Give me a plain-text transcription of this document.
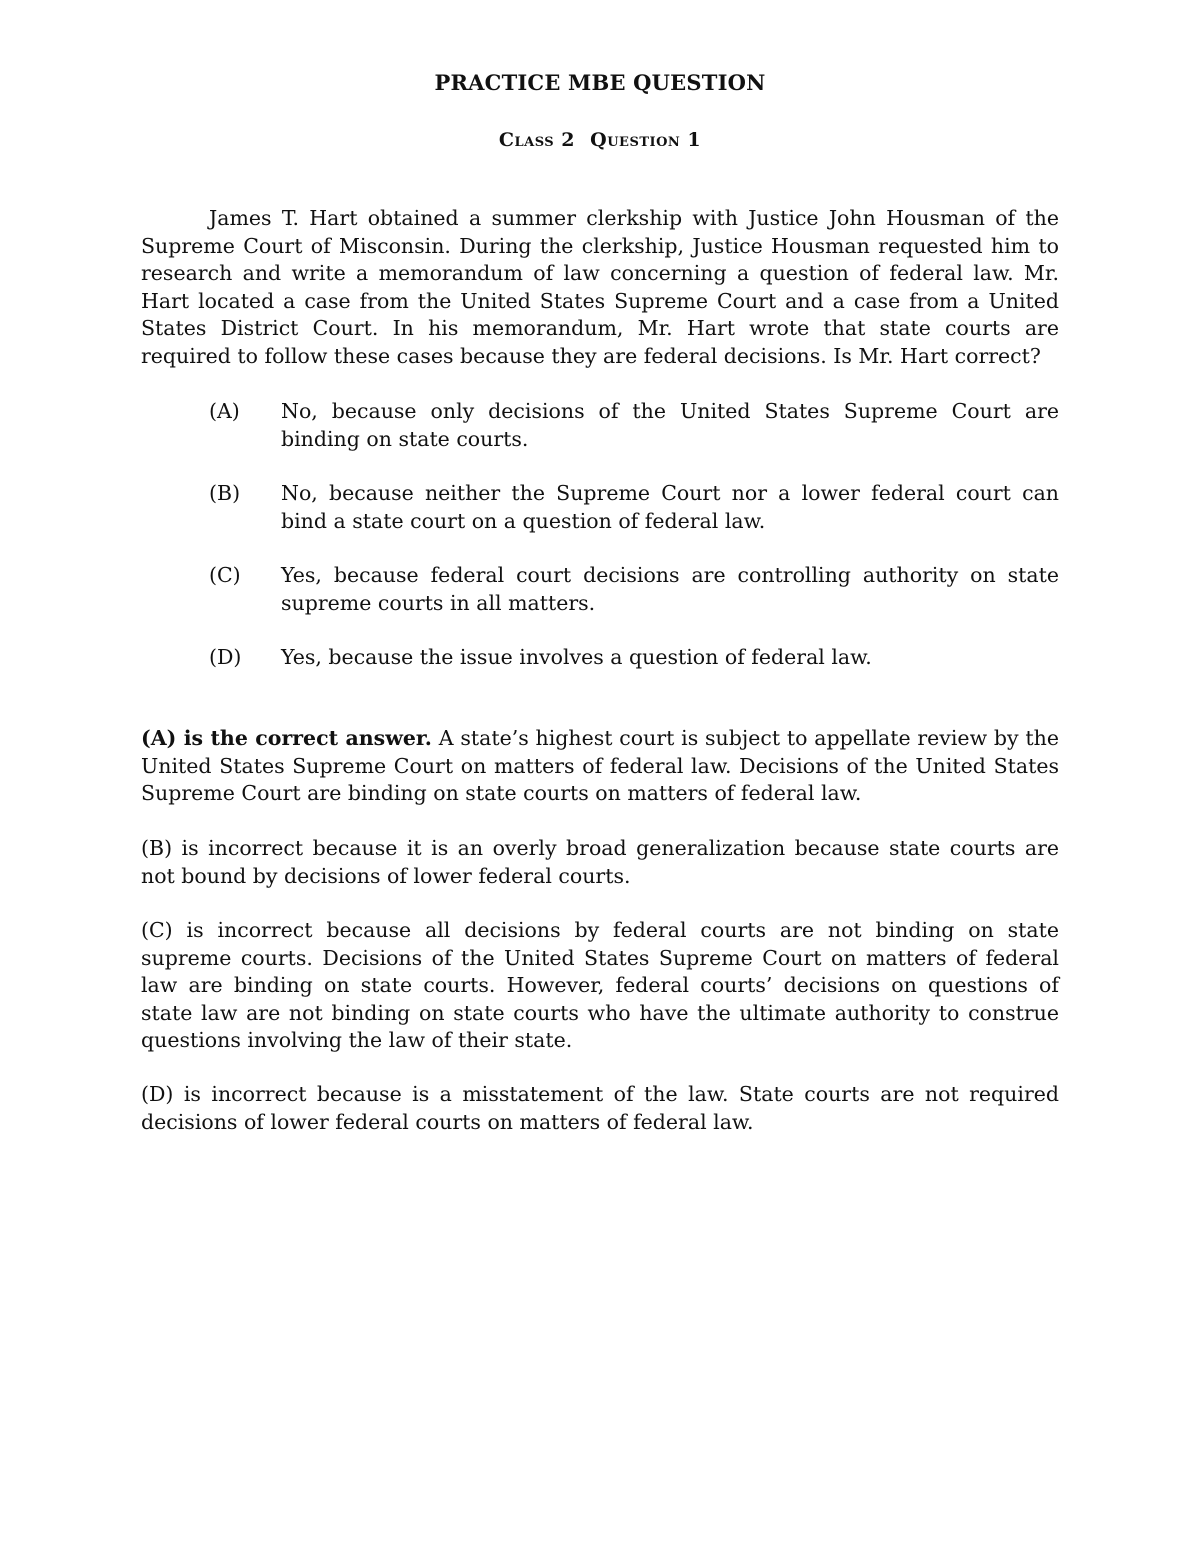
PRACTICE MBE QUESTION
Class 2 Question 1
James T. Hart obtained a summer clerkship with Justice John Housman of the Supreme Court of Misconsin. During the clerkship, Justice Housman requested him to research and write a memorandum of law concerning a question of federal law. Mr. Hart located a case from the United States Supreme Court and a case from a United States District Court. In his memorandum, Mr. Hart wrote that state courts are required to follow these cases because they are federal decisions. Is Mr. Hart correct?
(A) No, because only decisions of the United States Supreme Court are binding on state courts.
(B) No, because neither the Supreme Court nor a lower federal court can bind a state court on a question of federal law.
(C) Yes, because federal court decisions are controlling authority on state supreme courts in all matters.
(D) Yes, because the issue involves a question of federal law.
(A) is the correct answer. A state’s highest court is subject to appellate review by the United States Supreme Court on matters of federal law. Decisions of the United States Supreme Court are binding on state courts on matters of federal law.
(B) is incorrect because it is an overly broad generalization because state courts are not bound by decisions of lower federal courts.
(C) is incorrect because all decisions by federal courts are not binding on state supreme courts. Decisions of the United States Supreme Court on matters of federal law are binding on state courts. However, federal courts’ decisions on questions of state law are not binding on state courts who have the ultimate authority to construe questions involving the law of their state.
(D) is incorrect because is a misstatement of the law. State courts are not required decisions of lower federal courts on matters of federal law.
